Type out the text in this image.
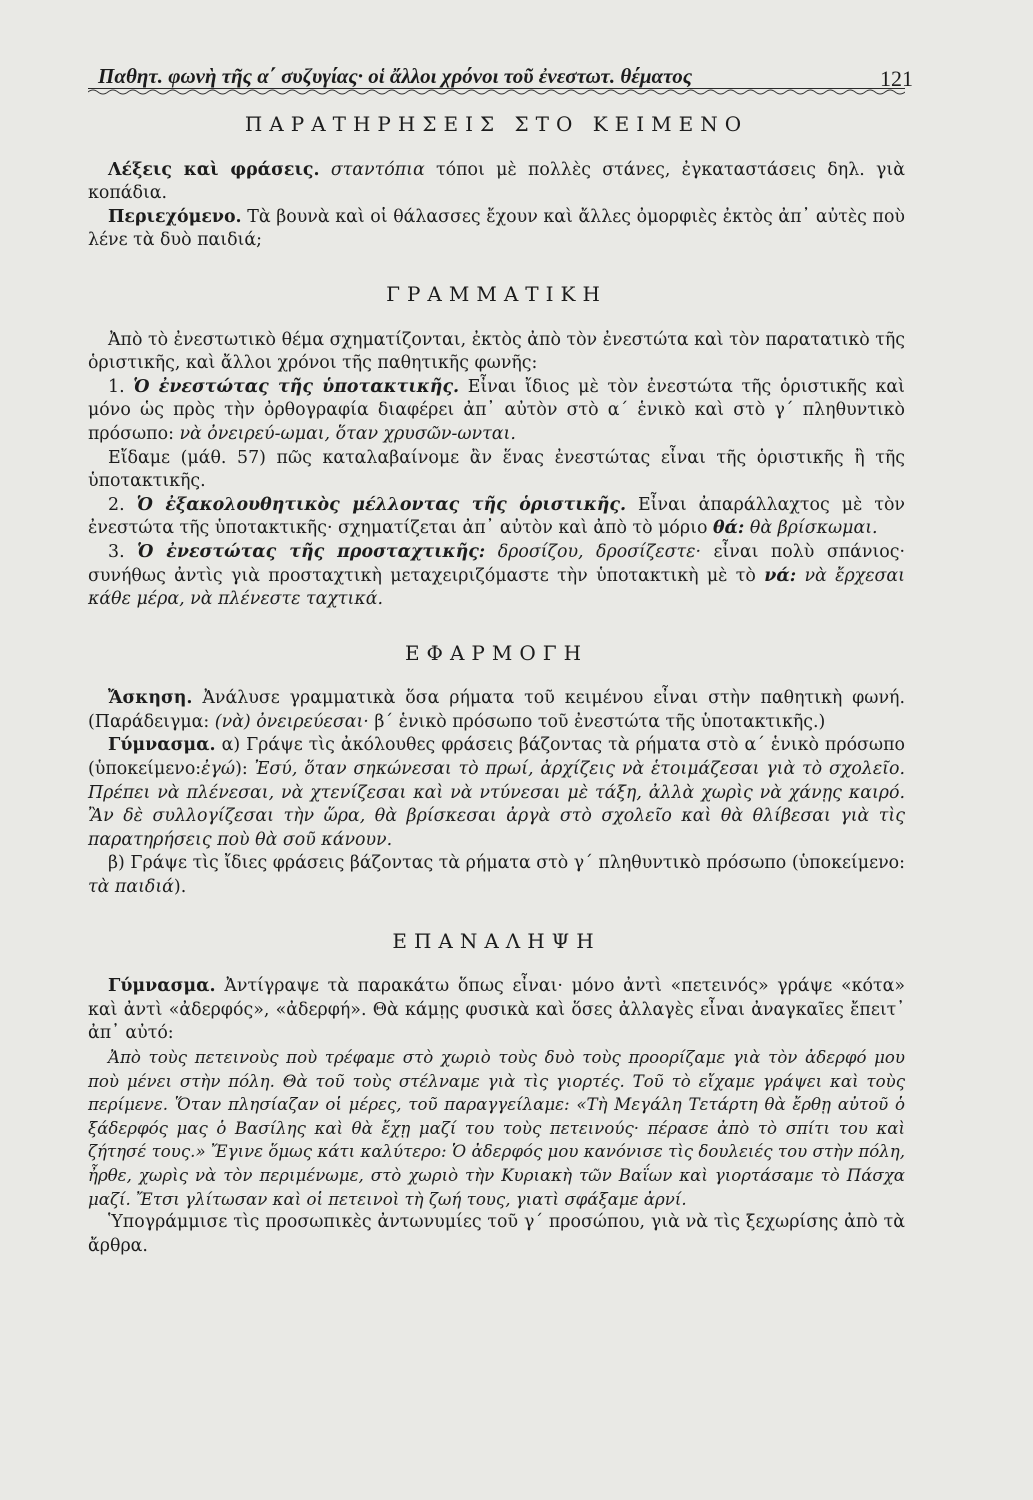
Παθητ. φωνὴ τῆς α΄ συζυγίας· οἱ ἄλλοι χρόνοι τοῦ ἐνεστωτ. θέματος	121
ΠΑΡΑΤΗΡΗΣΕΙΣ ΣΤΟ ΚΕΙΜΕΝΟ

Λέξεις καὶ φράσεις. σταντόπια τόποι μὲ πολλὲς στάνες, ἐγκαταστάσεις δηλ. γιὰ κοπάδια.

Περιεχόμενο. Τὰ βουνὰ καὶ οἱ θάλασσες ἔχουν καὶ ἄλλες ὀμορφιὲς ἐκτὸς ἀπ᾿ αὐτὲς ποὺ λένε τὰ δυὸ παιδιά;

ΓΡΑΜΜΑΤΙΚΗ

Ἀπὸ τὸ ἐνεστωτικὸ θέμα σχηματίζονται, ἐκτὸς ἀπὸ τὸν ἐνεστώτα καὶ τὸν παρατατικὸ τῆς ὁριστικῆς, καὶ ἄλλοι χρόνοι τῆς παθητικῆς φωνῆς:

1. Ὁ ἐνεστώτας τῆς ὑποτακτικῆς. Εἶναι ἴδιος μὲ τὸν ἐνεστώτα τῆς ὁριστικῆς καὶ μόνο ὡς πρὸς τὴν ὀρθογραφία διαφέρει ἀπ᾿ αὐτὸν στὸ α΄ ἑνικὸ καὶ στὸ γ΄ πληθυντικὸ πρόσωπο: νὰ ὀνειρεύ-ωμαι, ὅταν χρυσῶν-ωνται.

Εἴδαμε (μάθ. 57) πῶς καταλαβαίνομε ἂν ἕνας ἐνεστώτας εἶναι τῆς ὁριστικῆς ἢ τῆς ὑποτακτικῆς.

2. Ὁ ἐξακολουθητικὸς μέλλοντας τῆς ὁριστικῆς. Εἶναι ἀπαράλλαχτος μὲ τὸν ἐνεστώτα τῆς ὑποτακτικῆς· σχηματίζεται ἀπ᾿ αὐτὸν καὶ ἀπὸ τὸ μόριο θά: θὰ βρίσκωμαι.

3. Ὁ ἐνεστώτας τῆς προσταχτικῆς: δροσίζου, δροσίζεστε· εἶναι πολὺ σπάνιος· συνήθως ἀντὶς γιὰ προσταχτικὴ μεταχειριζόμαστε τὴν ὑποτακτικὴ μὲ τὸ νά: νὰ ἔρχεσαι κάθε μέρα, νὰ πλένεστε ταχτικά.

ΕΦΑΡΜΟΓΗ

Ἄσκηση. Ἀνάλυσε γραμματικὰ ὅσα ρήματα τοῦ κειμένου εἶναι στὴν παθητικὴ φωνή. (Παράδειγμα: (νὰ) ὀνειρεύεσαι· β΄ ἑνικὸ πρόσωπο τοῦ ἐνεστώτα τῆς ὑποτακτικῆς.)

Γύμνασμα. α) Γράψε τὶς ἀκόλουθες φράσεις βάζοντας τὰ ρήματα στὸ α΄ ἑνικὸ πρόσωπο (ὑποκείμενο:ἐγώ): Ἐσύ, ὅταν σηκώνεσαι τὸ πρωί, ἀρχίζεις νὰ ἑτοιμάζεσαι γιὰ τὸ σχολεῖο. Πρέπει νὰ πλένεσαι, νὰ χτενίζεσαι καὶ νὰ ντύνεσαι μὲ τάξη, ἀλλὰ χωρὶς νὰ χάνῃς καιρό. Ἂν δὲ συλλογίζεσαι τὴν ὥρα, θὰ βρίσκεσαι ἀργὰ στὸ σχολεῖο καὶ θὰ θλίβεσαι γιὰ τὶς παρατηρήσεις ποὺ θὰ σοῦ κάνουν.

β) Γράψε τὶς ἴδιες φράσεις βάζοντας τὰ ρήματα στὸ γ΄ πληθυντικὸ πρόσωπο (ὑποκείμενο: τὰ παιδιά).

ΕΠΑΝΑΛΗΨΗ

Γύμνασμα. Ἀντίγραψε τὰ παρακάτω ὅπως εἶναι· μόνο ἀντὶ «πετεινός» γράψε «κότα» καὶ ἀντὶ «ἀδερφός», «ἀδερφή». Θὰ κάμῃς φυσικὰ καὶ ὅσες ἀλλαγὲς εἶναι ἀναγκαῖες ἔπειτ᾿ ἀπ᾿ αὐτό:

Ἀπὸ τοὺς πετεινοὺς ποὺ τρέφαμε στὸ χωριὸ τοὺς δυὸ τοὺς προορίζαμε γιὰ τὸν ἀδερφό μου ποὺ μένει στὴν πόλη. Θὰ τοῦ τοὺς στέλναμε γιὰ τὶς γιορτές. Τοῦ τὸ εἴχαμε γράψει καὶ τοὺς περίμενε. Ὅταν πλησίαζαν οἱ μέρες, τοῦ παραγγείλαμε: «Τὴ Μεγάλη Τετάρτη θὰ ἔρθῃ αὐτοῦ ὁ ξάδερφός μας ὁ Βασίλης καὶ θὰ ἔχῃ μαζί του τοὺς πετεινούς· πέρασε ἀπὸ τὸ σπίτι του καὶ ζήτησέ τους.» Ἔγινε ὅμως κάτι καλύτερο: Ὁ ἀδερφός μου κανόνισε τὶς δουλειές του στὴν πόλη, ἦρθε, χωρὶς νὰ τὸν περιμένωμε, στὸ χωριὸ τὴν Κυριακὴ τῶν Βαΐων καὶ γιορτάσαμε τὸ Πάσχα μαζί. Ἔτσι γλίτωσαν καὶ οἱ πετεινοὶ τὴ ζωή τους, γιατὶ σφάξαμε ἀρνί.

Ὑπογράμμισε τὶς προσωπικὲς ἀντωνυμίες τοῦ γ΄ προσώπου, γιὰ νὰ τὶς ξεχωρίσης ἀπὸ τὰ ἄρθρα.
